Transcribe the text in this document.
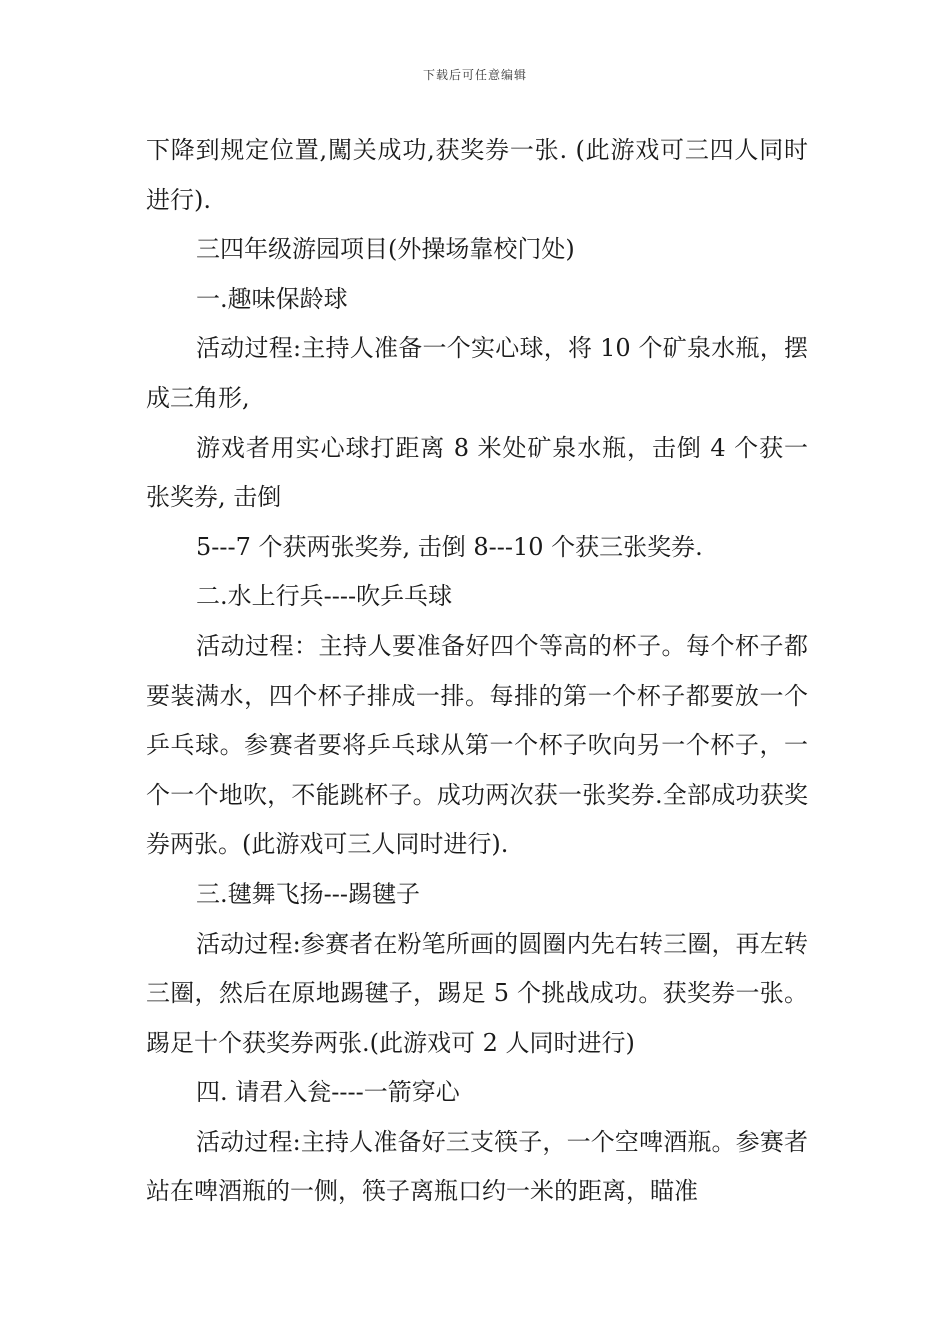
下载后可任意编辑

下降到规定位置,闖关成功,获奖券一张. (此游戏可三四人同时进行).

三四年级游园项目(外操场靠校门处)

一.趣味保龄球

活动过程:主持人准备一个实心球，将 10 个矿泉水瓶，摆成三角形,

游戏者用实心球打距离 8 米处矿泉水瓶，击倒 4 个获一张奖券, 击倒

5---7 个获两张奖券, 击倒 8---10 个获三张奖券.

二.水上行兵----吹乒乓球

活动过程：主持人要准备好四个等高的杯子。每个杯子都要装满水，四个杯子排成一排。每排的第一个杯子都要放一个乒乓球。参赛者要将乒乓球从第一个杯子吹向另一个杯子，一个一个地吹，不能跳杯子。成功两次获一张奖券.全部成功获奖券两张。(此游戏可三人同时进行).

三.毽舞飞扬---踢毽子

活动过程:参赛者在粉笔所画的圆圈内先右转三圈，再左转三圈，然后在原地踢毽子，踢足 5 个挑战成功。获奖券一张。踢足十个获奖券两张.(此游戏可 2 人同时进行)

四. 请君入瓮----一箭穿心

活动过程:主持人准备好三支筷子，一个空啤酒瓶。参赛者站在啤酒瓶的一侧，筷子离瓶口约一米的距离，瞄准
